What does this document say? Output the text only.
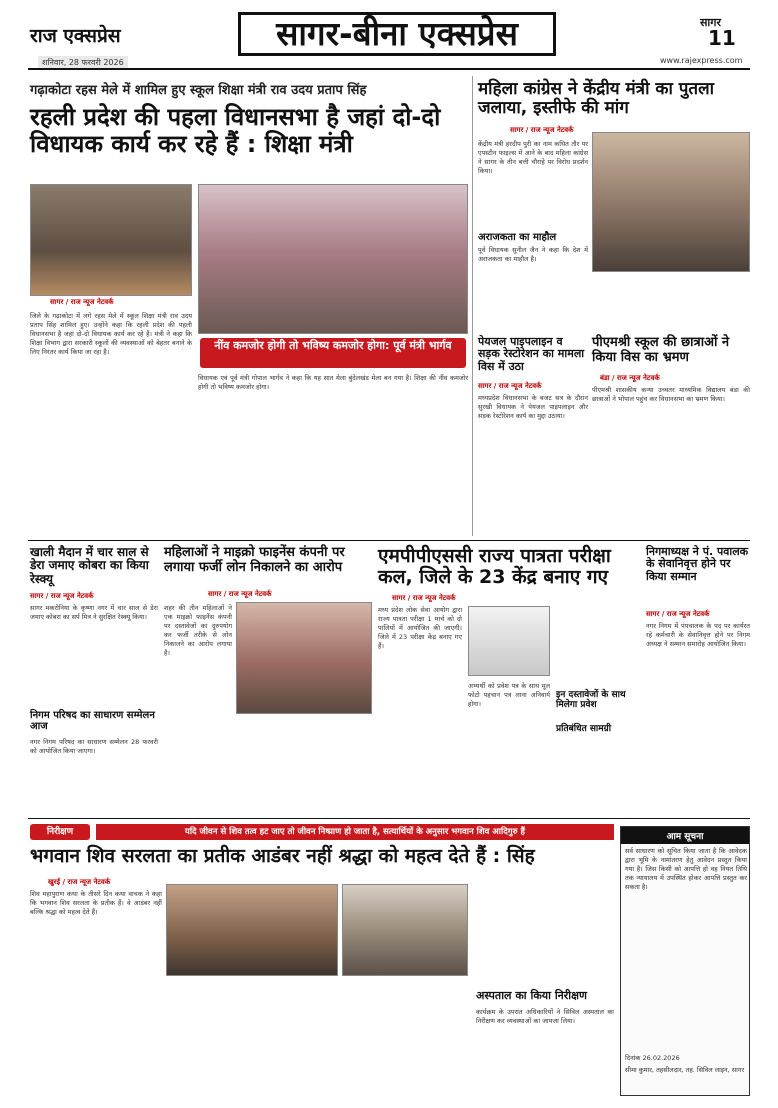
राज एक्सप्रेस
शनिवार, 28 फरवरी 2026
सागर-बीना एक्सप्रेस	सागर
11
www.rajexpress.com
गढ़ाकोटा रहस मेले में शामिल हुए स्कूल शिक्षा मंत्री राव उदय प्रताप सिंह
रहली प्रदेश की पहला विधानसभा है जहां दो-दो विधायक कार्य कर रहे हैं : शिक्षा मंत्री
सागर / राज न्यूज नेटवर्क
जिले के गढ़ाकोटा में लगे रहस मेले में स्कूल शिक्षा मंत्री राव उदय प्रताप सिंह शामिल हुए। उन्होंने कहा कि रहली प्रदेश की पहली विधानसभा है जहां दो-दो विधायक कार्य कर रहे हैं। मंत्री ने कहा कि शिक्षा विभाग द्वारा सरकारी स्कूलों की व्यवस्थाओं को बेहतर बनाने के लिए निरंतर कार्य किया जा रहा है।	नींव कमजोर होगी तो भविष्य कमजोर होगा: पूर्व मंत्री भार्गव
विधायक एवं पूर्व मंत्री गोपाल भार्गव ने कहा कि यह सात मेला बुंदेलखंड मेला बन गया है। शिक्षा की नींव कमजोर होगी तो भविष्य कमजोर होगा।
महिला कांग्रेस ने केंद्रीय मंत्री का पुतला जलाया, इस्तीफे की मांग
सागर / राज न्यूज नेटवर्क
केंद्रीय मंत्री हरदीप पुरी का नाम कथित तौर पर एपस्टीन फाइल्स में आने के बाद महिला कांग्रेस ने सागर के तीन बत्ती चौराहे पर विरोध प्रदर्शन किया।
अराजकता का माहौल
पूर्व विधायक सुनील जैन ने कहा कि देश में अराजकता का माहौल है।
पेयजल पाइपलाइन व सड़क रेस्टोरेशन का मामला विस में उठा
सागर / राज न्यूज नेटवर्क
मध्यप्रदेश विधानसभा के बजट सत्र के दौरान सुरखी विधायक ने पेयजल पाइपलाइन और सड़क रेस्टोरेशन कार्य का मुद्दा उठाया।
पीएमश्री स्कूल की छात्राओं ने किया विस का भ्रमण
बंडा / राज न्यूज नेटवर्क
पीएमश्री शासकीय कन्या उच्चतर माध्यमिक विद्यालय बंडा की छात्राओं ने भोपाल पहुंच कर विधानसभा का भ्रमण किया।
खाली मैदान में चार साल से डेरा जमाए कोबरा का किया रेस्क्यू
सागर / राज न्यूज नेटवर्क
सागर मकरोनिया के कृष्णा नगर में चार साल से डेरा जमाए कोबरा का सर्प मित्र ने सुरक्षित रेस्क्यू किया।
निगम परिषद का साधारण सम्मेलन आज
नगर निगम परिषद का साधारण सम्मेलन 28 फरवरी को आयोजित किया जाएगा।
महिलाओं ने माइक्रो फाइनेंस कंपनी पर लगाया फर्जी लोन निकालने का आरोप
सागर / राज न्यूज नेटवर्क
शहर की तीन महिलाओं ने एक माइक्रो फाइनेंस कंपनी पर दस्तावेजों का दुरुपयोग कर फर्जी तरीके से लोन निकालने का आरोप लगाया है।
एमपीपीएससी राज्य पात्रता परीक्षा कल, जिले के 23 केंद्र बनाए गए
सागर / राज न्यूज नेटवर्क
मध्य प्रदेश लोक सेवा आयोग द्वारा राज्य पात्रता परीक्षा 1 मार्च को दो पालियों में आयोजित की जाएगी। जिले में 23 परीक्षा केंद्र बनाए गए हैं।
इन दस्तावेजों के साथ मिलेगा प्रवेश
प्रतिबंधित सामग्री
अभ्यर्थी को प्रवेश पत्र के साथ मूल फोटो पहचान पत्र लाना अनिवार्य होगा।
निगमाध्यक्ष ने पं. पवालक के सेवानिवृत्त होने पर किया सम्मान
सागर / राज न्यूज नेटवर्क
नगर निगम में पंपचालक के पद पर कार्यरत रहे कर्मचारी के सेवानिवृत्त होने पर निगम अध्यक्ष ने सम्मान समारोह आयोजित किया।
निरीक्षण	यदि जीवन से शिव तत्व हट जाए तो जीवन निष्प्राण हो जाता है, सत्यार्थियों के अनुसार भगवान शिव आदिगुरु हैं
भगवान शिव सरलता का प्रतीक आडंबर नहीं श्रद्धा को महत्व देते हैं : सिंह
खुरई / राज न्यूज नेटवर्क
शिव महापुराण कथा के तीसरे दिन कथा वाचक ने कहा कि भगवान शिव सरलता के प्रतीक हैं। वे आडंबर नहीं बल्कि श्रद्धा को महत्व देते हैं।
अस्पताल का किया निरीक्षण
कार्यक्रम के उपरांत अधिकारियों ने सिविल अस्पताल का निरीक्षण कर व्यवस्थाओं का जायजा लिया।
आम सूचना
सर्व साधारण को सूचित किया जाता है कि आवेदक द्वारा भूमि के नामांतरण हेतु आवेदन प्रस्तुत किया गया है। जिस किसी को आपत्ति हो वह नियत तिथि तक न्यायालय में उपस्थित होकर आपत्ति प्रस्तुत कर सकता है।
दिनांक 26.02.2026
सीमा कुमार, तहसीलदार, तह. सिविल लाइन, सागर
